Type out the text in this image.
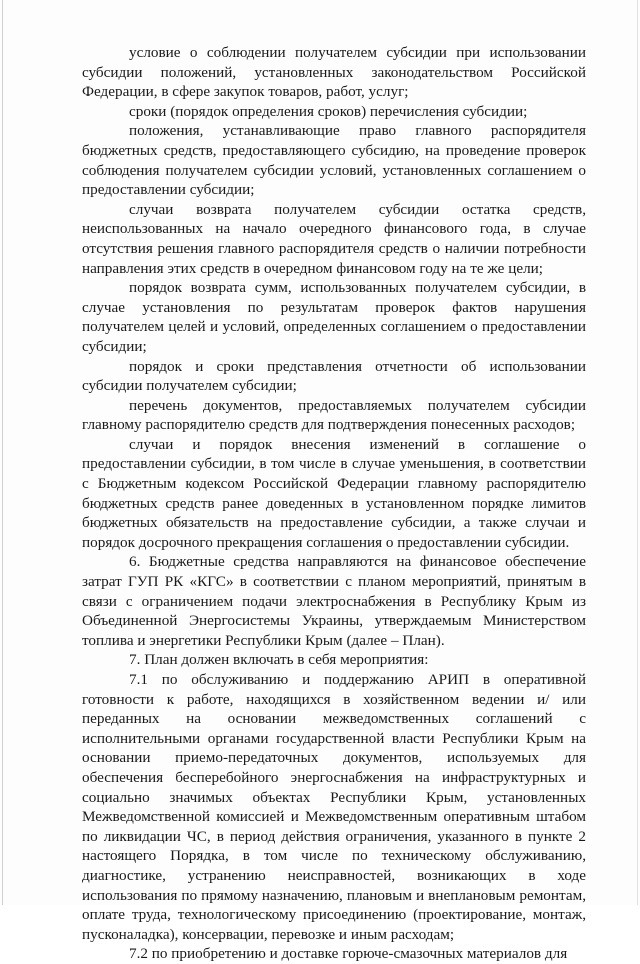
условие о соблюдении получателем субсидии при использовании субсидии положений, установленных законодательством Российской Федерации, в сфере закупок товаров, работ, услуг;

сроки (порядок определения сроков) перечисления субсидии;

положения, устанавливающие право главного распорядителя бюджетных средств, предоставляющего субсидию, на проведение проверок соблюдения получателем субсидии условий, установленных соглашением о предоставлении субсидии;

случаи возврата получателем субсидии остатка средств, неиспользованных на начало очередного финансового года, в случае отсутствия решения главного распорядителя средств о наличии потребности направления этих средств в очередном финансовом году на те же цели;

порядок возврата сумм, использованных получателем субсидии, в случае установления по результатам проверок фактов нарушения получателем целей и условий, определенных соглашением о предоставлении субсидии;

порядок и сроки представления отчетности об использовании субсидии получателем субсидии;

перечень документов, предоставляемых получателем субсидии главному распорядителю средств для подтверждения понесенных расходов;

случаи и порядок внесения изменений в соглашение о предоставлении субсидии, в том числе в случае уменьшения, в соответствии с Бюджетным кодексом Российской Федерации главному распорядителю бюджетных средств ранее доведенных в установленном порядке лимитов бюджетных обязательств на предоставление субсидии, а также случаи и порядок досрочного прекращения соглашения о предоставлении субсидии.

6. Бюджетные средства направляются на финансовое обеспечение затрат ГУП РК «КГС» в соответствии с планом мероприятий, принятым в связи с ограничением подачи электроснабжения в Республику Крым из Объединенной Энергосистемы Украины, утверждаемым Министерством топлива и энергетики Республики Крым (далее – План).

7. План должен включать в себя мероприятия:

7.1 по обслуживанию и поддержанию АРИП в оперативной готовности к работе, находящихся в хозяйственном ведении и/ или переданных на основании межведомственных соглашений с исполнительными органами государственной власти Республики Крым на основании приемо-передаточных документов, используемых для обеспечения бесперебойного энергоснабжения на инфраструктурных и социально значимых объектах Республики Крым, установленных Межведомственной комиссией и Межведомственным оперативным штабом по ликвидации ЧС, в период действия ограничения, указанного в пункте 2 настоящего Порядка, в том числе по техническому обслуживанию, диагностике, устранению неисправностей, возникающих в ходе использования по прямому назначению, плановым и внеплановым ремонтам, оплате труда, технологическому присоединению (проектирование, монтаж, пусконаладка), консервации, перевозке и иным расходам;

7.2 по приобретению и доставке горюче-смазочных материалов для
